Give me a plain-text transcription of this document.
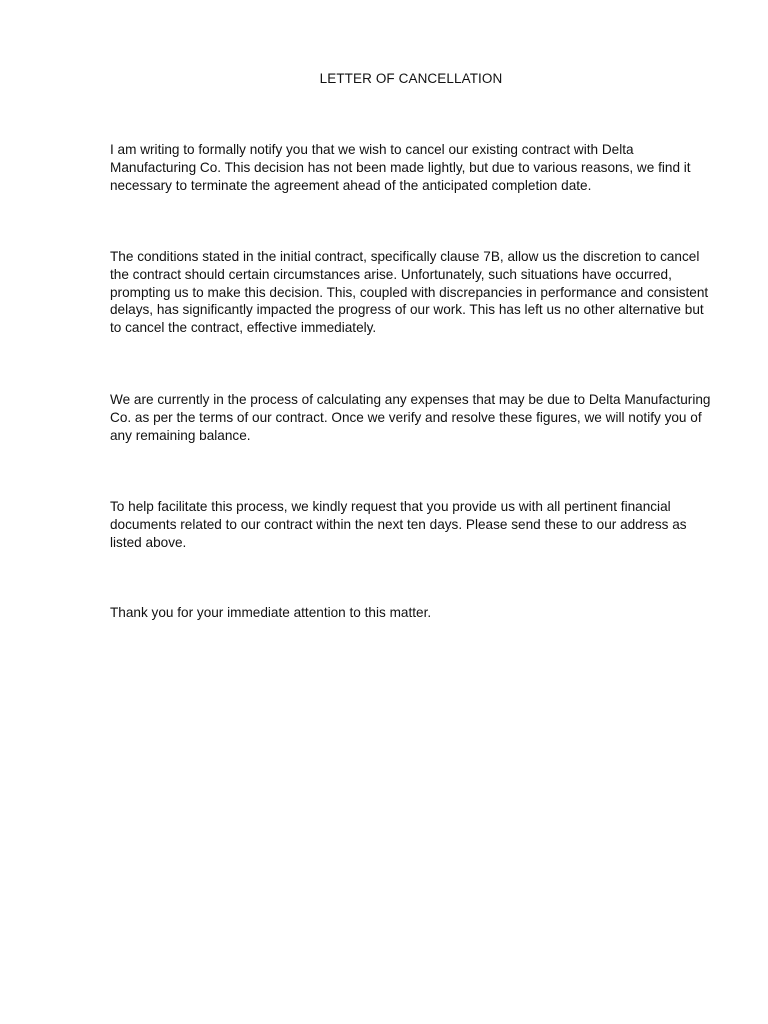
LETTER OF CANCELLATION

I am writing to formally notify you that we wish to cancel our existing contract with Delta Manufacturing Co. This decision has not been made lightly, but due to various reasons, we find it necessary to terminate the agreement ahead of the anticipated completion date.

The conditions stated in the initial contract, specifically clause 7B, allow us the discretion to cancel the contract should certain circumstances arise. Unfortunately, such situations have occurred, prompting us to make this decision. This, coupled with discrepancies in performance and consistent delays, has significantly impacted the progress of our work. This has left us no other alternative but to cancel the contract, effective immediately.

We are currently in the process of calculating any expenses that may be due to Delta Manufacturing Co. as per the terms of our contract. Once we verify and resolve these figures, we will notify you of any remaining balance.

To help facilitate this process, we kindly request that you provide us with all pertinent financial documents related to our contract within the next ten days. Please send these to our address as listed above.

Thank you for your immediate attention to this matter.
